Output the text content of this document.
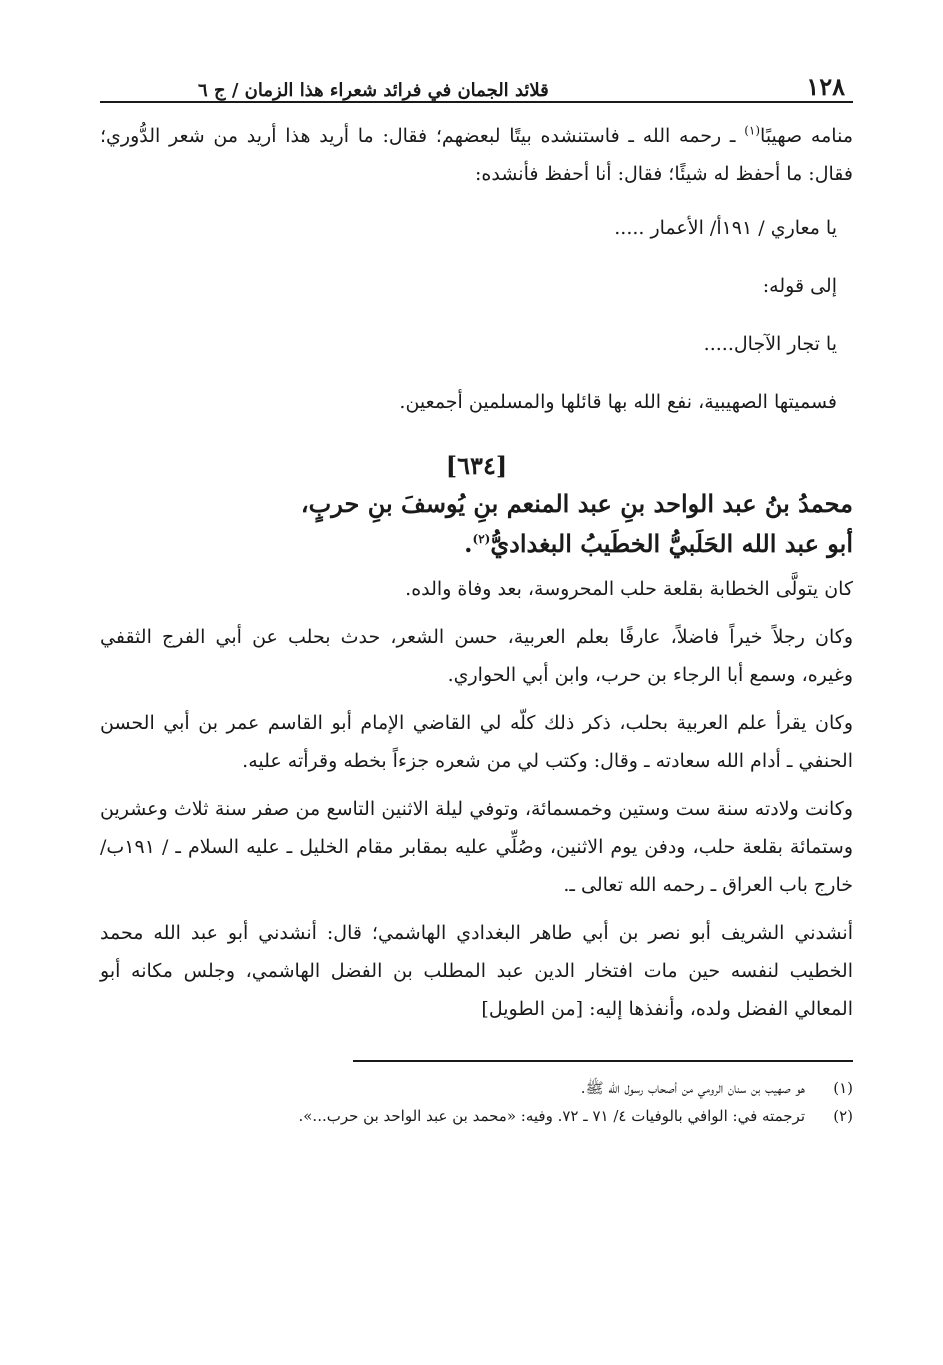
١٢٨
قلائد الجمان في فرائد شعراء هذا الزمان / ج ٦

منامه صهيبًا$^{(١)}$ ـ رحمه الله ـ فاستنشده بيتًا لبعضهم؛ فقال: ما أريد هذا أريد من شعر الدُّوري؛ فقال: ما أحفظ له شيئًا؛ فقال: أنا أحفظ فأنشده:

يا معاري / ١٩١أ/ الأعمار .....

إلى قوله:

يا تجار الآجال.....

فسميتها الصهيبية، نفع الله بها قائلها والمسلمين أجمعين.

[٦٣٤]
محمدُ بنُ عبد الواحد بنِ عبد المنعم بنِ يُوسفَ بنِ حربٍ،
أبو عبد الله الحَلَبيُّ الخطَيبُ البغداديُّ$^{(٢)}$.

كان يتولَّى الخطابة بقلعة حلب المحروسة، بعد وفاة والده.

وكان رجلاً خيراً فاضلاً، عارفًا بعلم العربية، حسن الشعر، حدث بحلب عن أبي الفرج الثقفي وغيره، وسمع أبا الرجاء بن حرب، وابن أبي الحواري.

وكان يقرأ علم العربية بحلب، ذكر ذلك كلّه لي القاضي الإمام أبو القاسم عمر بن أبي الحسن الحنفي ـ أدام الله سعادته ـ وقال: وكتب لي من شعره جزءاً بخطه وقرأته عليه.

وكانت ولادته سنة ست وستين وخمسمائة، وتوفي ليلة الاثنين التاسع من صفر سنة ثلاث وعشرين وستمائة بقلعة حلب، ودفن يوم الاثنين، وصُلِّي عليه بمقابر مقام الخليل ـ عليه السلام ـ / ١٩١ب/ خارج باب العراق ـ رحمه الله تعالى ـ.

أنشدني الشريف أبو نصر بن أبي طاهر البغدادي الهاشمي؛ قال: أنشدني أبو عبد الله محمد الخطيب لنفسه حين مات افتخار الدين عبد المطلب بن الفضل الهاشمي، وجلس مكانه أبو المعالي الفضل ولده، وأنفذها إليه: [من الطويل]

(١)
هو صهيب بن سنان الرومي من أصحاب رسول الله ﷺ.
(٢)
ترجمته في: الوافي بالوفيات ٤/ ٧١ ـ ٧٢. وفيه: «محمد بن عبد الواحد بن حرب...».
